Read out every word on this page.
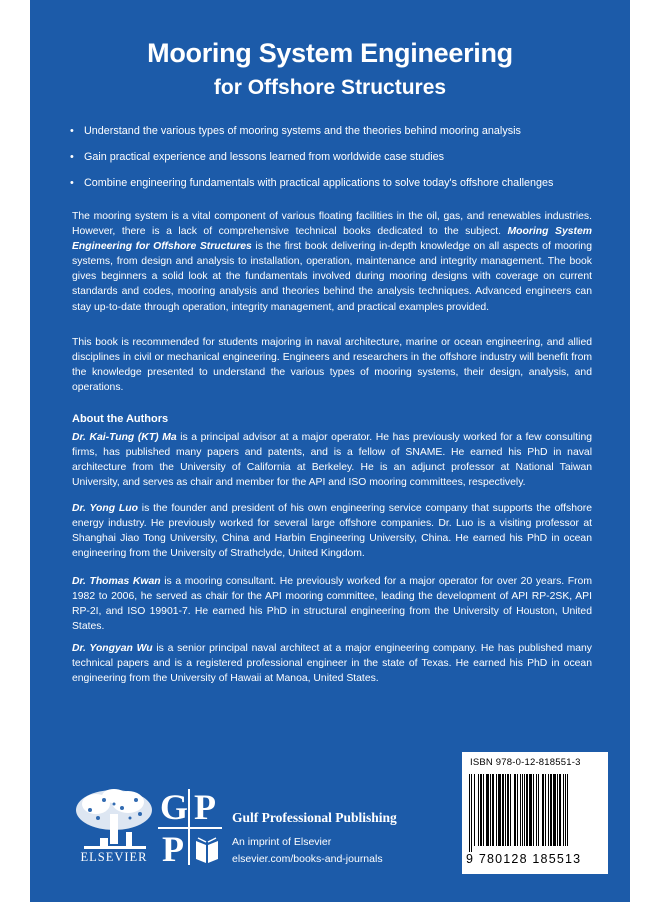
Mooring System Engineering
for Offshore Structures
• Understand the various types of mooring systems and the theories behind mooring analysis
• Gain practical experience and lessons learned from worldwide case studies
• Combine engineering fundamentals with practical applications to solve today's offshore challenges

The mooring system is a vital component of various floating facilities in the oil, gas, and renewables industries. However, there is a lack of comprehensive technical books dedicated to the subject. Mooring System Engineering for Offshore Structures is the first book delivering in-depth knowledge on all aspects of mooring systems, from design and analysis to installation, operation, maintenance and integrity management. The book gives beginners a solid look at the fundamentals involved during mooring designs with coverage on current standards and codes, mooring analysis and theories behind the analysis techniques. Advanced engineers can stay up-to-date through operation, integrity management, and practical examples provided.

This book is recommended for students majoring in naval architecture, marine or ocean engineering, and allied disciplines in civil or mechanical engineering. Engineers and researchers in the offshore industry will benefit from the knowledge presented to understand the various types of mooring systems, their design, analysis, and operations.

About the Authors

Dr. Kai-Tung (KT) Ma is a principal advisor at a major operator. He has previously worked for a few consulting firms, has published many papers and patents, and is a fellow of SNAME. He earned his PhD in naval architecture from the University of California at Berkeley. He is an adjunct professor at National Taiwan University, and serves as chair and member for the API and ISO mooring committees, respectively.

Dr. Yong Luo is the founder and president of his own engineering service company that supports the offshore energy industry. He previously worked for several large offshore companies. Dr. Luo is a visiting professor at Shanghai Jiao Tong University, China and Harbin Engineering University, China. He earned his PhD in ocean engineering from the University of Strathclyde, United Kingdom.

Dr. Thomas Kwan is a mooring consultant. He previously worked for a major operator for over 20 years. From 1982 to 2006, he served as chair for the API mooring committee, leading the development of API RP-2SK, API RP-2I, and ISO 19901-7. He earned his PhD in structural engineering from the University of Houston, United States.

Dr. Yongyan Wu is a senior principal naval architect at a major engineering company. He has published many technical papers and is a registered professional engineer in the state of Texas. He earned his PhD in ocean engineering from the University of Hawaii at Manoa, United States.

ELSEVIER
G P
P

Gulf Professional Publishing

An imprint of Elsevier

elsevier.com/books-and-journals

ISBN 978-0-12-818551-3
9 780128 185513
